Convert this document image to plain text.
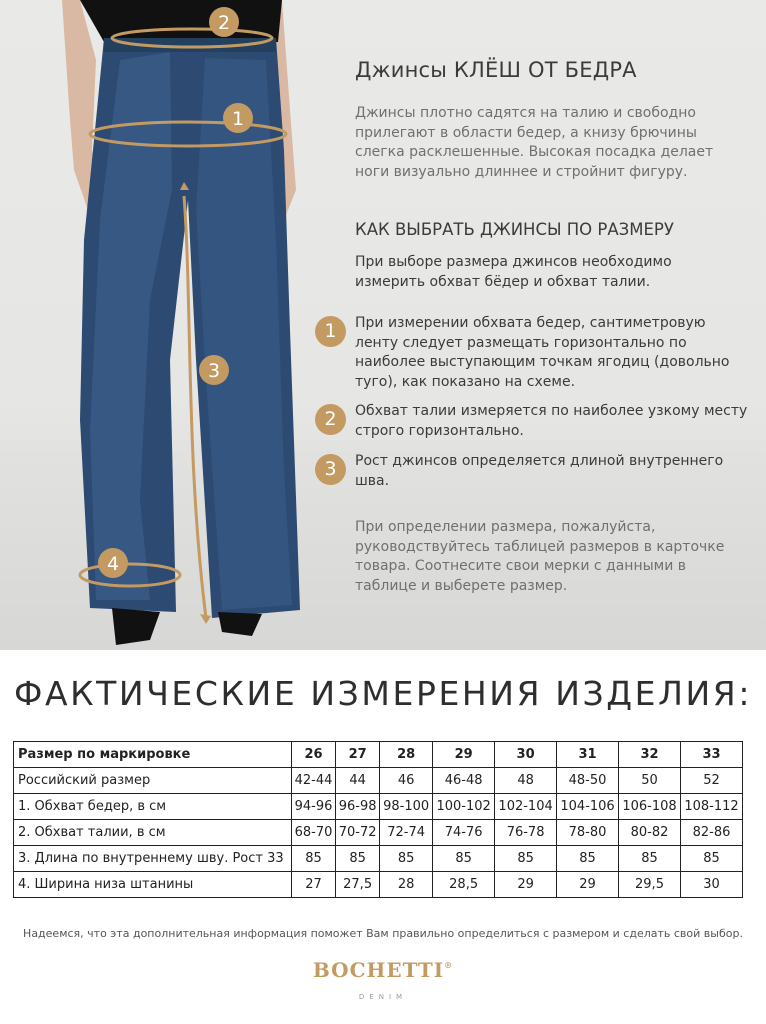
2
1
3
4
Джинсы КЛЁШ ОТ БЕДРА
Джинсы плотно садятся на талию и свободно прилегают в области бедер, а книзу брючины слегка расклешенные. Высокая посадка делает ноги визуально длиннее и стройнит фигуру.
КАК ВЫБРАТЬ ДЖИНСЫ ПО РАЗМЕРУ
При выборе размера джинсов необходимо измерить обхват бёдер и обхват талии.
1	При измерении обхвата бедер, сантиметровую ленту следует размещать горизонтально по наиболее выступающим точкам ягодиц (довольно туго), как показано на схеме.
2	Обхват талии измеряется по наиболее узкому месту строго горизонтально.
3	Рост джинсов определяется длиной внутреннего шва.
При определении размера, пожалуйста, руководствуйтесь таблицей размеров в карточке товара. Соотнесите свои мерки с данными в таблице и выберете размер.
ФАКТИЧЕСКИЕ ИЗМЕРЕНИЯ ИЗДЕЛИЯ:
Размер по маркировке	26	27	28	29	30	31	32	33
Российский размер	42-44	44	46	46-48	48	48-50	50	52
1. Обхват бедер, в см	94-96	96-98	98-100	100-102	102-104	104-106	106-108	108-112
2. Обхват талии, в см	68-70	70-72	72-74	74-76	76-78	78-80	80-82	82-86
3. Длина по внутреннему шву. Рост 33	85	85	85	85	85	85	85	85
4. Ширина низа штанины	27	27,5	28	28,5	29	29	29,5	30
Надеемся, что эта дополнительная информация поможет Вам правильно определиться с размером и сделать свой выбор.
BOCHETTI®
DENIM
